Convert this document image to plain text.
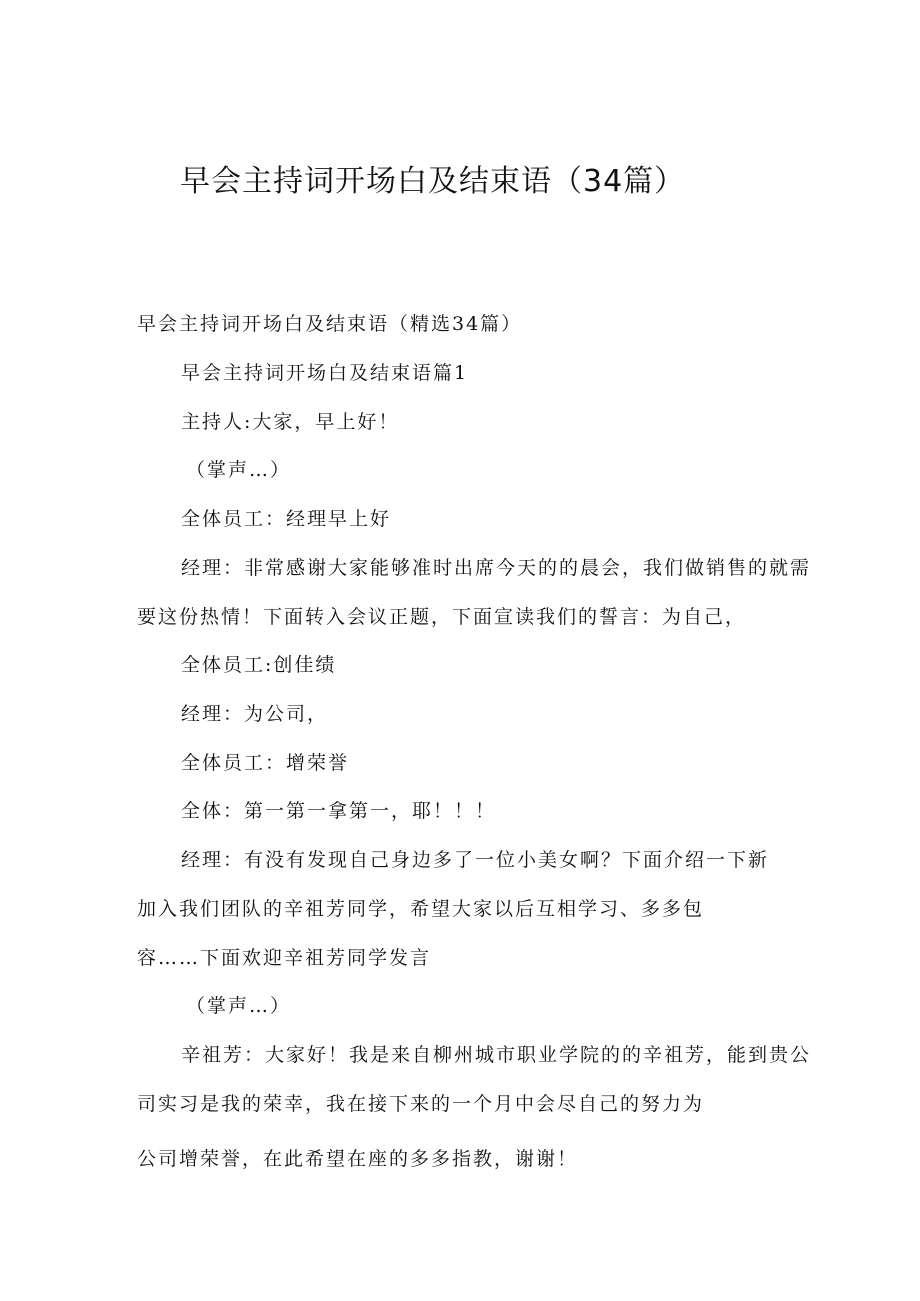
早会主持词开场白及结束语（34篇）
早会主持词开场白及结束语（精选34篇）
早会主持词开场白及结束语篇1
主持人:大家，早上好！
（掌声…）
全体员工：经理早上好
经理：非常感谢大家能够准时出席今天的的晨会，我们做销售的就需
要这份热情！下面转入会议正题，下面宣读我们的誓言：为自己，
全体员工:创佳绩
经理：为公司，
全体员工：增荣誉
全体：第一第一拿第一，耶！！！
经理：有没有发现自己身边多了一位小美女啊？下面介绍一下新
加入我们团队的辛祖芳同学，希望大家以后互相学习、多多包
容……下面欢迎辛祖芳同学发言
（掌声…）
辛祖芳：大家好！我是来自柳州城市职业学院的的辛祖芳，能到贵公
司实习是我的荣幸，我在接下来的一个月中会尽自己的努力为
公司增荣誉，在此希望在座的多多指教，谢谢！
